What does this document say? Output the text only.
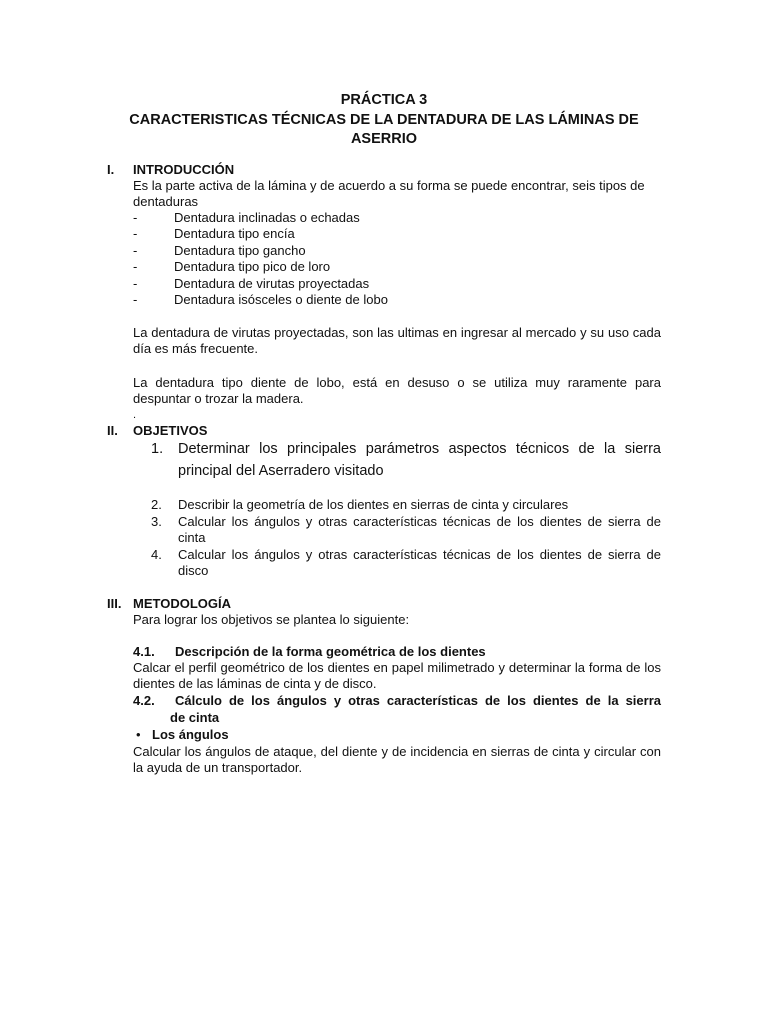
PRÁCTICA 3
CARACTERISTICAS TÉCNICAS DE LA DENTADURA DE LAS LÁMINAS DE
ASERRIO
I. INTRODUCCIÓN
Es la parte activa de la lámina y de acuerdo a su forma se puede encontrar, seis tipos de dentaduras
-	Dentadura inclinadas o echadas
-	Dentadura tipo encía
-	Dentadura tipo gancho
-	Dentadura tipo pico de loro
-	Dentadura de virutas proyectadas
-	Dentadura isósceles o diente de lobo
La dentadura de virutas proyectadas, son las ultimas en ingresar al mercado y su uso cada día es más frecuente.
La dentadura tipo diente de lobo, está en desuso o se utiliza muy raramente para despuntar o trozar la madera.
.
II. OBJETIVOS
1. Determinar los principales parámetros aspectos técnicos de la sierra principal del Aserradero visitado
2. Describir la geometría de los dientes en sierras de cinta y circulares
3. Calcular los ángulos y otras características técnicas de los dientes de sierra de cinta
4. Calcular los ángulos y otras características técnicas de los dientes de sierra de disco
III. METODOLOGÍA
Para lograr los objetivos se plantea lo siguiente:
4.1. Descripción de la forma geométrica de los dientes
Calcar el perfil geométrico de los dientes en papel milimetrado y determinar la forma de los dientes de las láminas de cinta y de disco.
4.2. Cálculo de los ángulos y otras características de los dientes de la sierra
de cinta
• Los ángulos
Calcular los ángulos de ataque, del diente y de incidencia en sierras de cinta y circular con la ayuda de un transportador.
